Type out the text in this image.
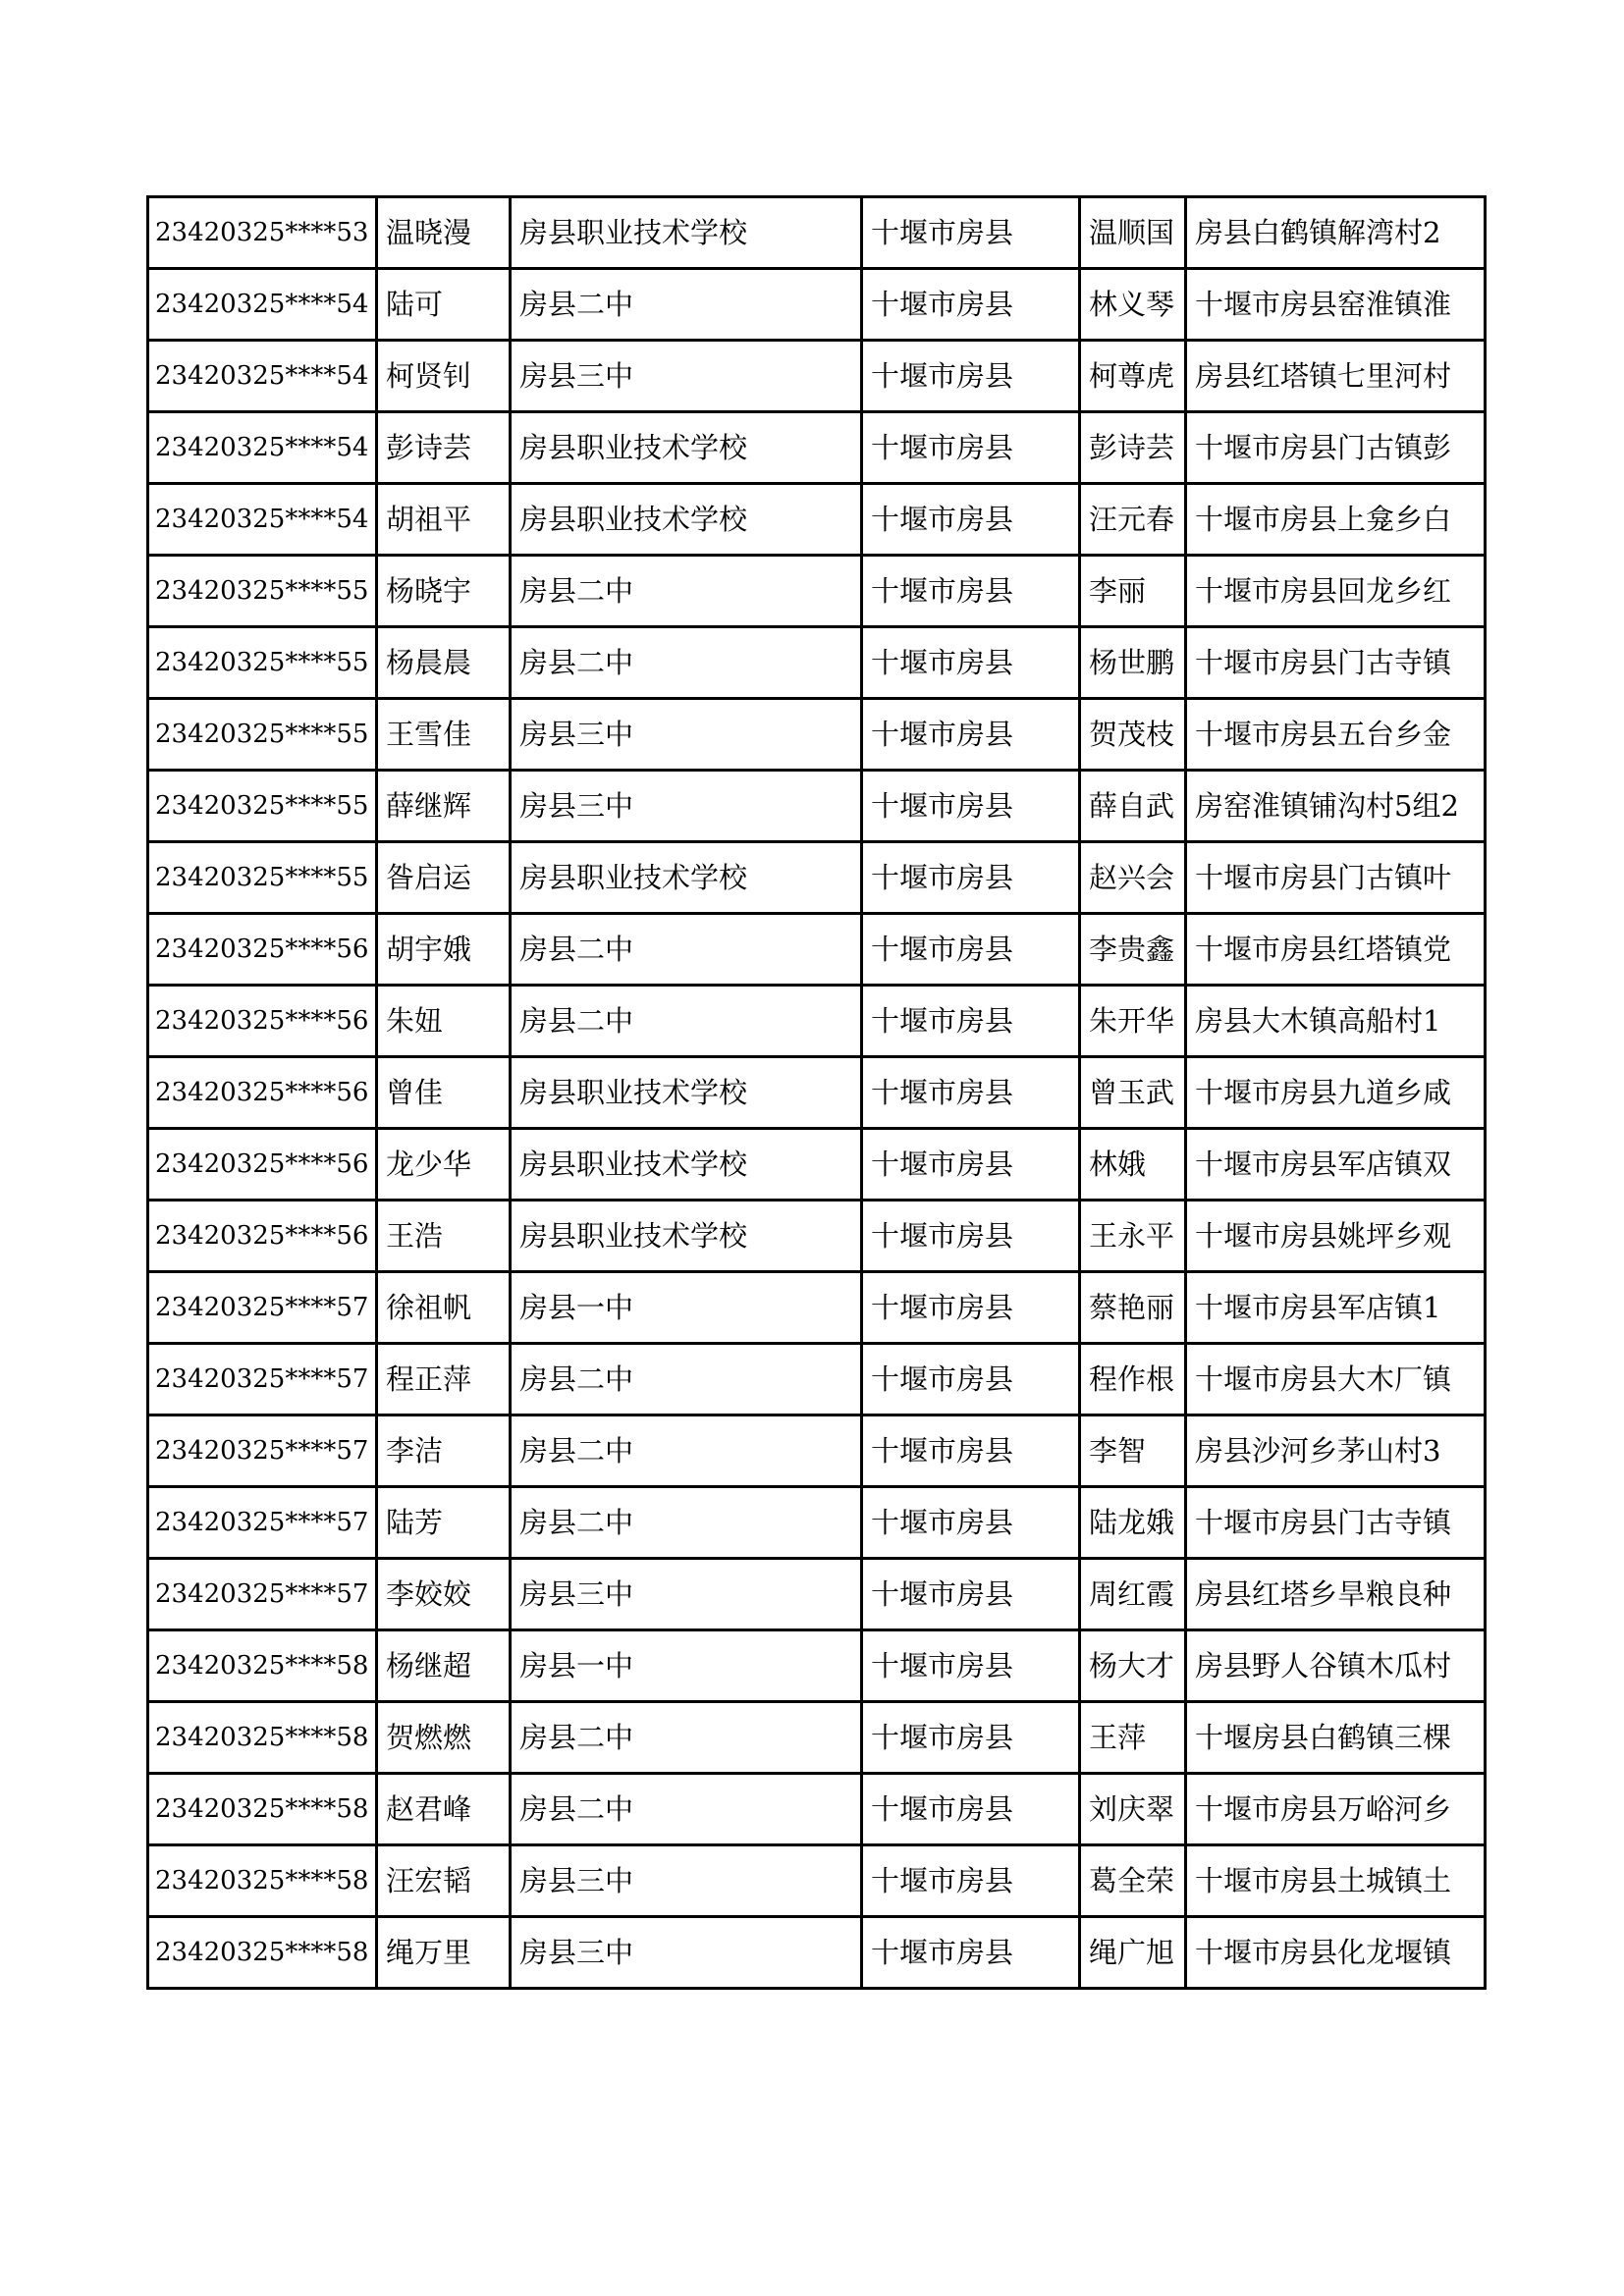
23420325****53	温晓漫	房县职业技术学校	十堰市房县	温顺国	房县白鹤镇解湾村2
23420325****54	陆可	房县二中	十堰市房县	林义琴	十堰市房县窑淮镇淮
23420325****54	柯贤钊	房县三中	十堰市房县	柯尊虎	房县红塔镇七里河村
23420325****54	彭诗芸	房县职业技术学校	十堰市房县	彭诗芸	十堰市房县门古镇彭
23420325****54	胡祖平	房县职业技术学校	十堰市房县	汪元春	十堰市房县上龛乡白
23420325****55	杨晓宇	房县二中	十堰市房县	李丽	十堰市房县回龙乡红
23420325****55	杨晨晨	房县二中	十堰市房县	杨世鹏	十堰市房县门古寺镇
23420325****55	王雪佳	房县三中	十堰市房县	贺茂枝	十堰市房县五台乡金
23420325****55	薛继辉	房县三中	十堰市房县	薛自武	房窑淮镇铺沟村5组2
23420325****55	昝启运	房县职业技术学校	十堰市房县	赵兴会	十堰市房县门古镇叶
23420325****56	胡宇娥	房县二中	十堰市房县	李贵鑫	十堰市房县红塔镇党
23420325****56	朱妞	房县二中	十堰市房县	朱开华	房县大木镇高船村1
23420325****56	曾佳	房县职业技术学校	十堰市房县	曾玉武	十堰市房县九道乡咸
23420325****56	龙少华	房县职业技术学校	十堰市房县	林娥	十堰市房县军店镇双
23420325****56	王浩	房县职业技术学校	十堰市房县	王永平	十堰市房县姚坪乡观
23420325****57	徐祖帆	房县一中	十堰市房县	蔡艳丽	十堰市房县军店镇1
23420325****57	程正萍	房县二中	十堰市房县	程作根	十堰市房县大木厂镇
23420325****57	李洁	房县二中	十堰市房县	李智	房县沙河乡茅山村3
23420325****57	陆芳	房县二中	十堰市房县	陆龙娥	十堰市房县门古寺镇
23420325****57	李姣姣	房县三中	十堰市房县	周红霞	房县红塔乡旱粮良种
23420325****58	杨继超	房县一中	十堰市房县	杨大才	房县野人谷镇木瓜村
23420325****58	贺燃燃	房县二中	十堰市房县	王萍	十堰房县白鹤镇三棵
23420325****58	赵君峰	房县二中	十堰市房县	刘庆翠	十堰市房县万峪河乡
23420325****58	汪宏韬	房县三中	十堰市房县	葛全荣	十堰市房县土城镇土
23420325****58	绳万里	房县三中	十堰市房县	绳广旭	十堰市房县化龙堰镇
